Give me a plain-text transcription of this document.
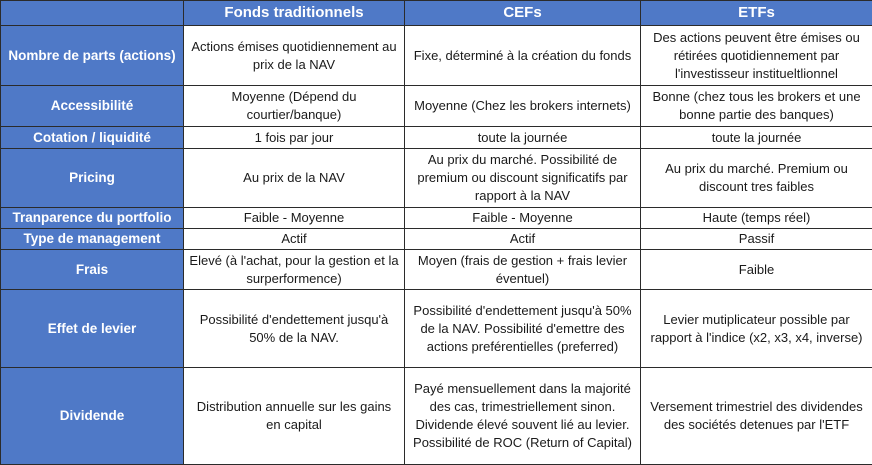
	Fonds traditionnels	CEFs	ETFs
Nombre de parts (actions)	Actions émises quotidiennement au prix de la NAV	Fixe, déterminé à la création du fonds	Des actions peuvent être émises ou rétirées quotidiennement par l'investisseur institueltlionnel
Accessibilité	Moyenne (Dépend du courtier/banque)	Moyenne (Chez les brokers internets)	Bonne (chez tous les brokers et une bonne partie des banques)
Cotation / liquidité	1 fois par jour	toute la journée	toute la journée
Pricing	Au prix de la NAV	Au prix du marché. Possibilité de premium ou discount significatifs par rapport à la NAV	Au prix du marché. Premium ou discount tres faibles
Tranparence du portfolio	Faible - Moyenne	Faible - Moyenne	Haute (temps réel)
Type de management	Actif	Actif	Passif
Frais	Elevé (à l'achat, pour la gestion et la surperformence)	Moyen (frais de gestion + frais levier éventuel)	Faible
Effet de levier	Possibilité d'endettement jusqu'à 50% de la NAV.	Possibilité d'endettement jusqu'à 50% de la NAV. Possibilité d'emettre des actions preférentielles (preferred)	Levier mutiplicateur possible par rapport à l'indice (x2, x3, x4, inverse)
Dividende	Distribution annuelle sur les gains en capital	Payé mensuellement dans la majorité des cas, trimestriellement sinon. Dividende élevé souvent lié au levier. Possibilité de ROC (Return of Capital)	Versement trimestriel des dividendes des sociétés detenues par l'ETF
